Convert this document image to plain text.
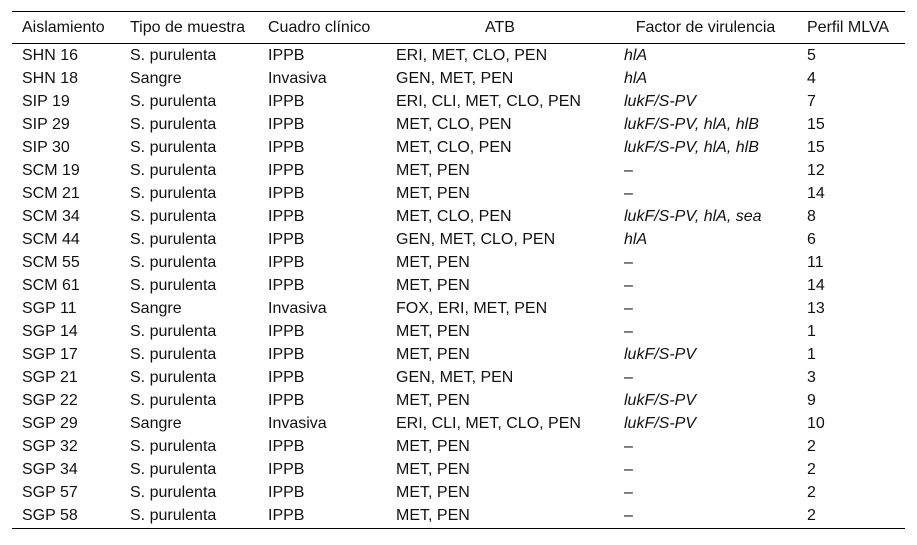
Aislamiento	Tipo de muestra	Cuadro clínico	ATB	Factor de virulencia	Perfil MLVA
SHN 16	S. purulenta	IPPB	ERI, MET, CLO, PEN	hlA	5
SHN 18	Sangre	Invasiva	GEN, MET, PEN	hlA	4
SIP 19	S. purulenta	IPPB	ERI, CLI, MET, CLO, PEN	lukF/S-PV	7
SIP 29	S. purulenta	IPPB	MET, CLO, PEN	lukF/S-PV, hlA, hlB	15
SIP 30	S. purulenta	IPPB	MET, CLO, PEN	lukF/S-PV, hlA, hlB	15
SCM 19	S. purulenta	IPPB	MET, PEN	–	12
SCM 21	S. purulenta	IPPB	MET, PEN	–	14
SCM 34	S. purulenta	IPPB	MET, CLO, PEN	lukF/S-PV, hlA, sea	8
SCM 44	S. purulenta	IPPB	GEN, MET, CLO, PEN	hlA	6
SCM 55	S. purulenta	IPPB	MET, PEN	–	11
SCM 61	S. purulenta	IPPB	MET, PEN	–	14
SGP 11	Sangre	Invasiva	FOX, ERI, MET, PEN	–	13
SGP 14	S. purulenta	IPPB	MET, PEN	–	1
SGP 17	S. purulenta	IPPB	MET, PEN	lukF/S-PV	1
SGP 21	S. purulenta	IPPB	GEN, MET, PEN	–	3
SGP 22	S. purulenta	IPPB	MET, PEN	lukF/S-PV	9
SGP 29	Sangre	Invasiva	ERI, CLI, MET, CLO, PEN	lukF/S-PV	10
SGP 32	S. purulenta	IPPB	MET, PEN	–	2
SGP 34	S. purulenta	IPPB	MET, PEN	–	2
SGP 57	S. purulenta	IPPB	MET, PEN	–	2
SGP 58	S. purulenta	IPPB	MET, PEN	–	2
